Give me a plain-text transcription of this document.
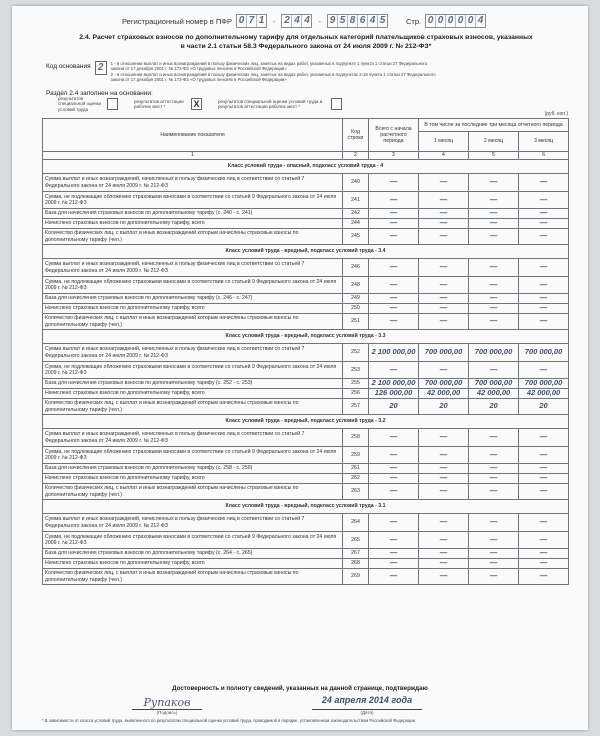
Регистрационный номер в ПФР 0 7 1 - 2 4 4 - 9 5 8 6 4 5	Стр. 0 0 0 0 0 4
2.4. Расчет страховых взносов по дополнительному тарифу для отдельных категорий плательщиков страховых взносов, указанных
в части 2.1 статьи 58.3 Федерального закона от 24 июля 2009 г. № 212-ФЗ*
Код основания 2	1 - в отношении выплат и иных вознаграждений в пользу физических лиц, занятых на видах работ, указанных в подпункте 1 пункта 1 статьи 27 Федерального закона от 17 декабря 2001 г. № 173-ФЗ «О трудовых пенсиях в Российской Федерации»
2 - в отношении выплат и иных вознаграждений в пользу физических лиц, занятых на видах работ, указанных в подпунктах 2-18 пункта 1 статьи 27 Федерального закона от 17 декабря 2001 г. № 173-ФЗ «О трудовых пенсиях в Российской Федерации»
Раздел 2.4 заполнен на основании:
результатов специальной оценки условий труда
результатов аттестации рабочих мест *	X	результатов специальной оценки условий труда и результатов аттестации рабочих мест *
(руб. коп.)
Наименование показателя	Код строки	Всего с начала расчетного периода	В том числе за последние три месяца отчетного периода		
			1 месяц	2 месяц	3 месяц
1	2	3	4	5	6
Класс условий труда - опасный, подкласс условий труда - 4					
Сумма выплат и иных вознаграждений, начисленных в пользу физических лиц в соответствии со статьей 7 Федерального закона от 24 июля 2009 г. № 212-ФЗ	240	—	—	—	—
Сумма, не подлежащие обложению страховыми взносами в соответствии со статьей 9 Федерального закона от 24 июля 2009 г. № 212-ФЗ	241	—	—	—	—
База для начисления страховых взносов по дополнительному тарифу (с. 240 - с. 241)	242	—	—	—	—
Начислено страховых взносов по дополнительному тарифу, всего	244	—	—	—	—
Количество физических лиц, с выплат и иных вознаграждений которым начислены страховые взносы по дополнительному тарифу (чел.)	245	—	—	—	—
Класс условий труда - вредный, подкласс условий труда - 3.4					
Сумма выплат и иных вознаграждений, начисленных в пользу физических лиц в соответствии со статьей 7 Федерального закона от 24 июля 2009 г. № 212-ФЗ	246	—	—	—	—
Сумма, не подлежащие обложению страховыми взносами в соответствии со статьей 9 Федерального закона от 24 июля 2009 г. № 212-ФЗ	248	—	—	—	—
База для начисления страховых взносов по дополнительному тарифу (с. 246 - с. 247)	249	—	—	—	—
Начислено страховых взносов по дополнительному тарифу, всего	250	—	—	—	—
Количество физических лиц, с выплат и иных вознаграждений которым начислены страховые взносы по дополнительному тарифу (чел.)	251	—	—	—	—
Класс условий труда - вредный, подкласс условий труда - 3.3					
Сумма выплат и иных вознаграждений, начисленных в пользу физических лиц в соответствии со статьей 7 Федерального закона от 24 июля 2009 г. № 212-ФЗ	252	2 100 000,00	700 000,00	700 000,00	700 000,00
Сумма, не подлежащие обложению страховыми взносами в соответствии со статьей 9 Федерального закона от 24 июля 2009 г. № 212-ФЗ	253	—	—	—	—
База для начисления страховых взносов по дополнительному тарифу (с. 252 - с. 253)	255	2 100 000,00	700 000,00	700 000,00	700 000,00
Начислено страховых взносов по дополнительному тарифу, всего	256	126 000,00	42 000,00	42 000,00	42 000,00
Количество физических лиц, с выплат и иных вознаграждений которым начислены страховые взносы по дополнительному тарифу (чел.)	257	20	20	20	20
Класс условий труда - вредный, подкласс условий труда - 3.2					
Сумма выплат и иных вознаграждений, начисленных в пользу физических лиц в соответствии со статьей 7 Федерального закона от 24 июля 2009 г. № 212-ФЗ	258	—	—	—	—
Сумма, не подлежащие обложению страховыми взносами в соответствии со статьей 9 Федерального закона от 24 июля 2009 г. № 212-ФЗ	259	—	—	—	—
База для начисления страховых взносов по дополнительному тарифу (с. 258 - с. 259)	261	—	—	—	—
Начислено страховых взносов по дополнительному тарифу, всего	262	—	—	—	—
Количество физических лиц, с выплат и иных вознаграждений которым начислены страховые взносы по дополнительному тарифу (чел.)	263	—	—	—	—
Класс условий труда - вредный, подкласс условий труда - 3.1					
Сумма выплат и иных вознаграждений, начисленных в пользу физических лиц в соответствии со статьей 7 Федерального закона от 24 июля 2009 г. № 212-ФЗ	264	—	—	—	—
Сумма, не подлежащие обложению страховыми взносами в соответствии со статьей 9 Федерального закона от 24 июля 2009 г. № 212-ФЗ	265	—	—	—	—
База для начисления страховых взносов по дополнительному тарифу (с. 264 - с. 265)	267	—	—	—	—
Начислено страховых взносов по дополнительному тарифу, всего	268	—	—	—	—
Количество физических лиц, с выплат и иных вознаграждений которым начислены страховые взносы по дополнительному тарифу (чел.)	269	—	—	—	—
Достоверность и полноту сведений, указанных на данной странице, подтверждаю
Рупаков
(Подпись)
24 апреля 2014 года
(Дата)
* В зависимости от класса условий труда, выявленного по результатам специальной оценки условий труда, проводимой в порядке, установленном законодательством Российской Федерации.
